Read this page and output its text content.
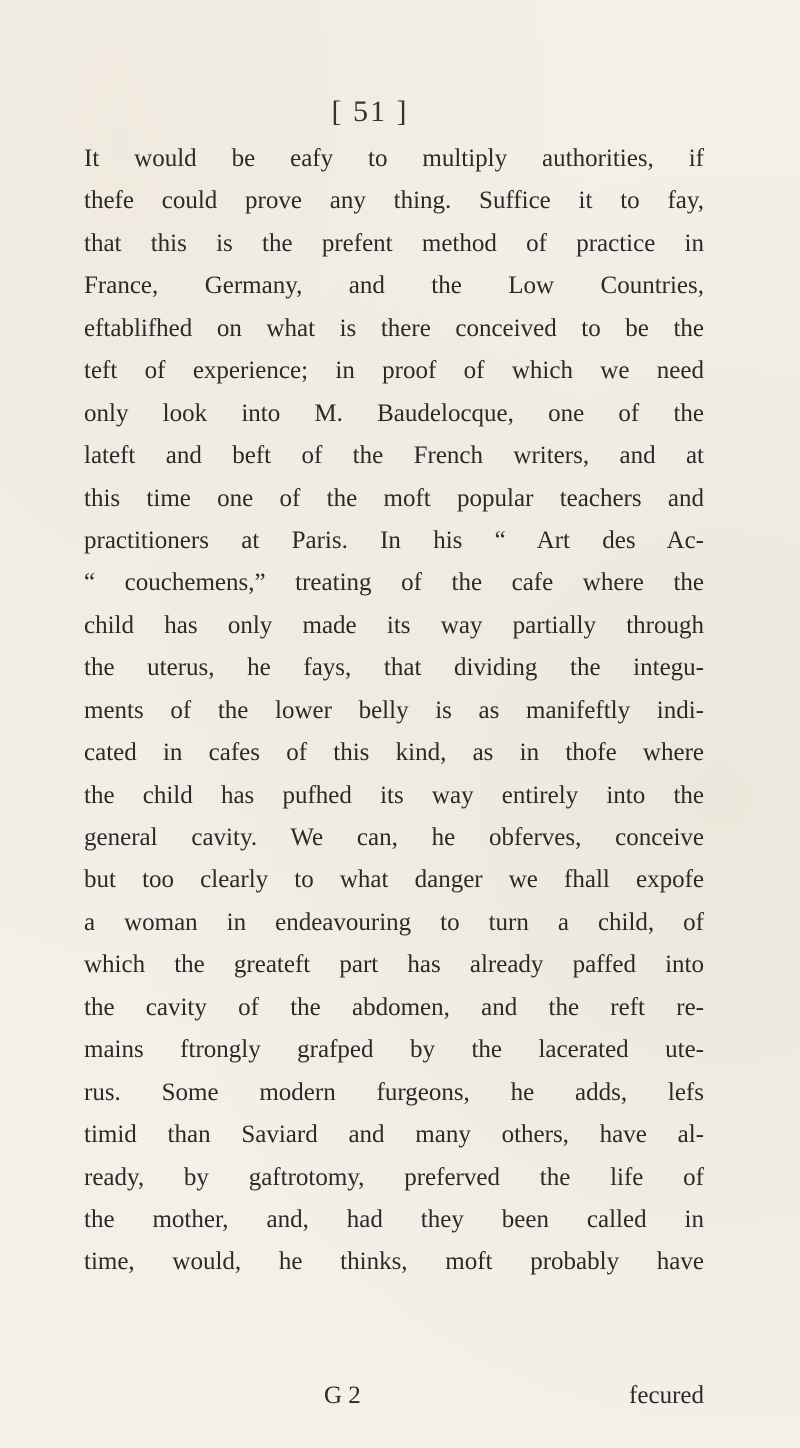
[ 51 ]
It would be eafy to multiply authorities, if
thefe could prove any thing. Suffice it to fay,
that this is the prefent method of practice in
France, Germany, and the Low Countries,
eftablifhed on what is there conceived to be the
teft of experience; in proof of which we need
only look into M. Baudelocque, one of the
lateft and beft of the French writers, and at
this time one of the moft popular teachers and
practitioners at Paris. In his “ Art des Ac-
“ couchemens,” treating of the cafe where the
child has only made its way partially through
the uterus, he fays, that dividing the integu-
ments of the lower belly is as manifeftly indi-
cated in cafes of this kind, as in thofe where
the child has pufhed its way entirely into the
general cavity. We can, he obferves, conceive
but too clearly to what danger we fhall expofe
a woman in endeavouring to turn a child, of
which the greateft part has already paffed into
the cavity of the abdomen, and the reft re-
mains ftrongly grafped by the lacerated ute-
rus. Some modern furgeons, he adds, lefs
timid than Saviard and many others, have al-
ready, by gaftrotomy, preferved the life of
the mother, and, had they been called in
time, would, he thinks, moft probably have
G 2	fecured
